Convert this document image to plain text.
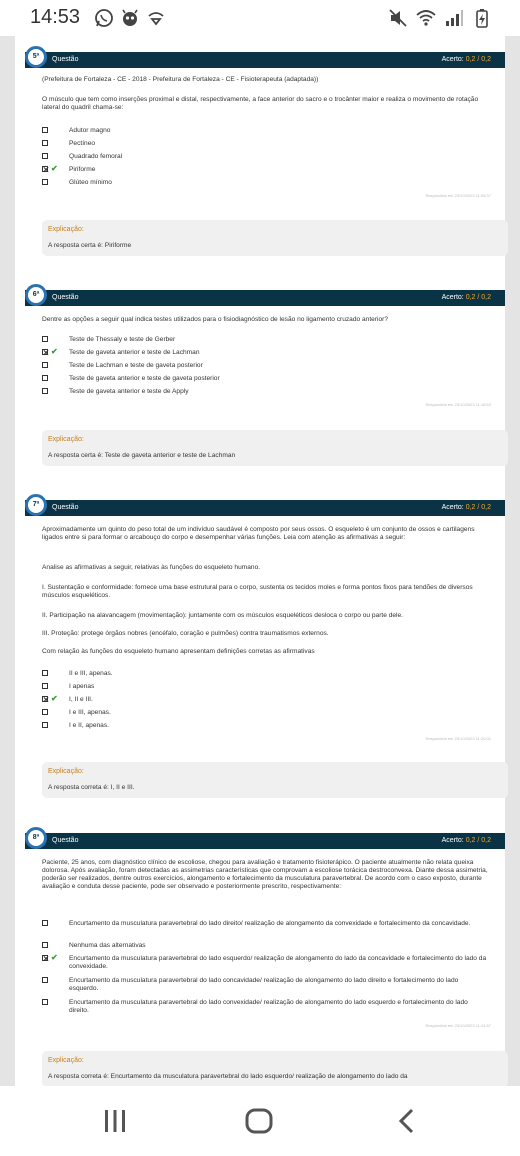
14:53
5ª	Questão	Acerto: 0,2 / 0,2
(Prefeitura de Fortaleza - CE - 2018 - Prefeitura de Fortaleza - CE - Fisioterapeuta (adaptada))
O músculo que tem como inserções proximal e distal, respectivamente, a face anterior do sacro e o trocânter maior e realiza o movimento de rotação lateral do quadril chama-se:
Adutor magno
Pectíneo
Quadrado femoral
✔ Piriforme
Glúteo mínimo
Respondido em 23/10/2023 11:08:37
Explicação:
A resposta certa é: Piriforme
6ª	Questão	Acerto: 0,2 / 0,2
Dentre as opções a seguir qual indica testes utilizados para o fisiodiagnóstico de lesão no ligamento cruzado anterior?
Teste de Thessaly e teste de Gerber
✔ Teste de gaveta anterior e teste de Lachman
Teste de Lachman e teste de gaveta posterior
Teste de gaveta anterior e teste de gaveta posterior
Teste de gaveta anterior e teste de Apply
Respondido em 23/10/2023 11:16:53
Explicação:
A resposta certa é: Teste de gaveta anterior e teste de Lachman
7ª	Questão	Acerto: 0,2 / 0,2
Aproximadamente um quinto do peso total de um indivíduo saudável é composto por seus ossos. O esqueleto é um conjunto de ossos e cartilagens ligados entre si para formar o arcabouço do corpo e desempenhar várias funções. Leia com atenção as afirmativas a seguir:
Analise as afirmativas a seguir, relativas às funções do esqueleto humano.
I. Sustentação e conformidade: fornece uma base estrutural para o corpo, sustenta os tecidos moles e forma pontos fixos para tendões de diversos músculos esqueléticos.
II. Participação na alavancagem (movimentação): juntamente com os músculos esqueléticos desloca o corpo ou parte dele.
III. Proteção: protege órgãos nobres (encéfalo, coração e pulmões) contra traumatismos externos.
Com relação às funções do esqueleto humano apresentam definições corretas as afirmativas
II e III, apenas.
I apenas
✔ I, II e III.
I e III, apenas.
I e II, apenas.
Respondido em 23/10/2023 11:20:01
Explicação:
A resposta correta é: I, II e III.
8ª	Questão	Acerto: 0,2 / 0,2
Paciente, 25 anos, com diagnóstico clínico de escoliose, chegou para avaliação e tratamento fisioterápico. O paciente atualmente não relata queixa dolorosa. Após avaliação, foram detectadas as assimetrias características que comprovam a escoliose torácica destroconvexa. Diante dessa assimetria, poderão ser realizados, dentre outros exercícios, alongamento e fortalecimento da musculatura paravertebral. De acordo com o caso exposto, durante avaliação e conduta desse paciente, pode ser observado e posteriormente prescrito, respectivamente:
Encurtamento da musculatura paravertebral do lado direito/ realização de alongamento da convexidade e fortalecimento da concavidade.
Nenhuma das alternativas
✔ Encurtamento da musculatura paravertebral do lado esquerdo/ realização de alongamento do lado da concavidade e fortalecimento do lado da convexidade.
Encurtamento da musculatura paravertebral do lado concavidade/ realização de alongamento do lado direito e fortalecimento do lado esquerdo.
Encurtamento da musculatura paravertebral do lado convexidade/ realização de alongamento do lado esquerdo e fortalecimento do lado direito.
Respondido em 23/10/2023 11:24:57
Explicação:
A resposta correta é: Encurtamento da musculatura paravertebral do lado esquerdo/ realização de alongamento do lado da
